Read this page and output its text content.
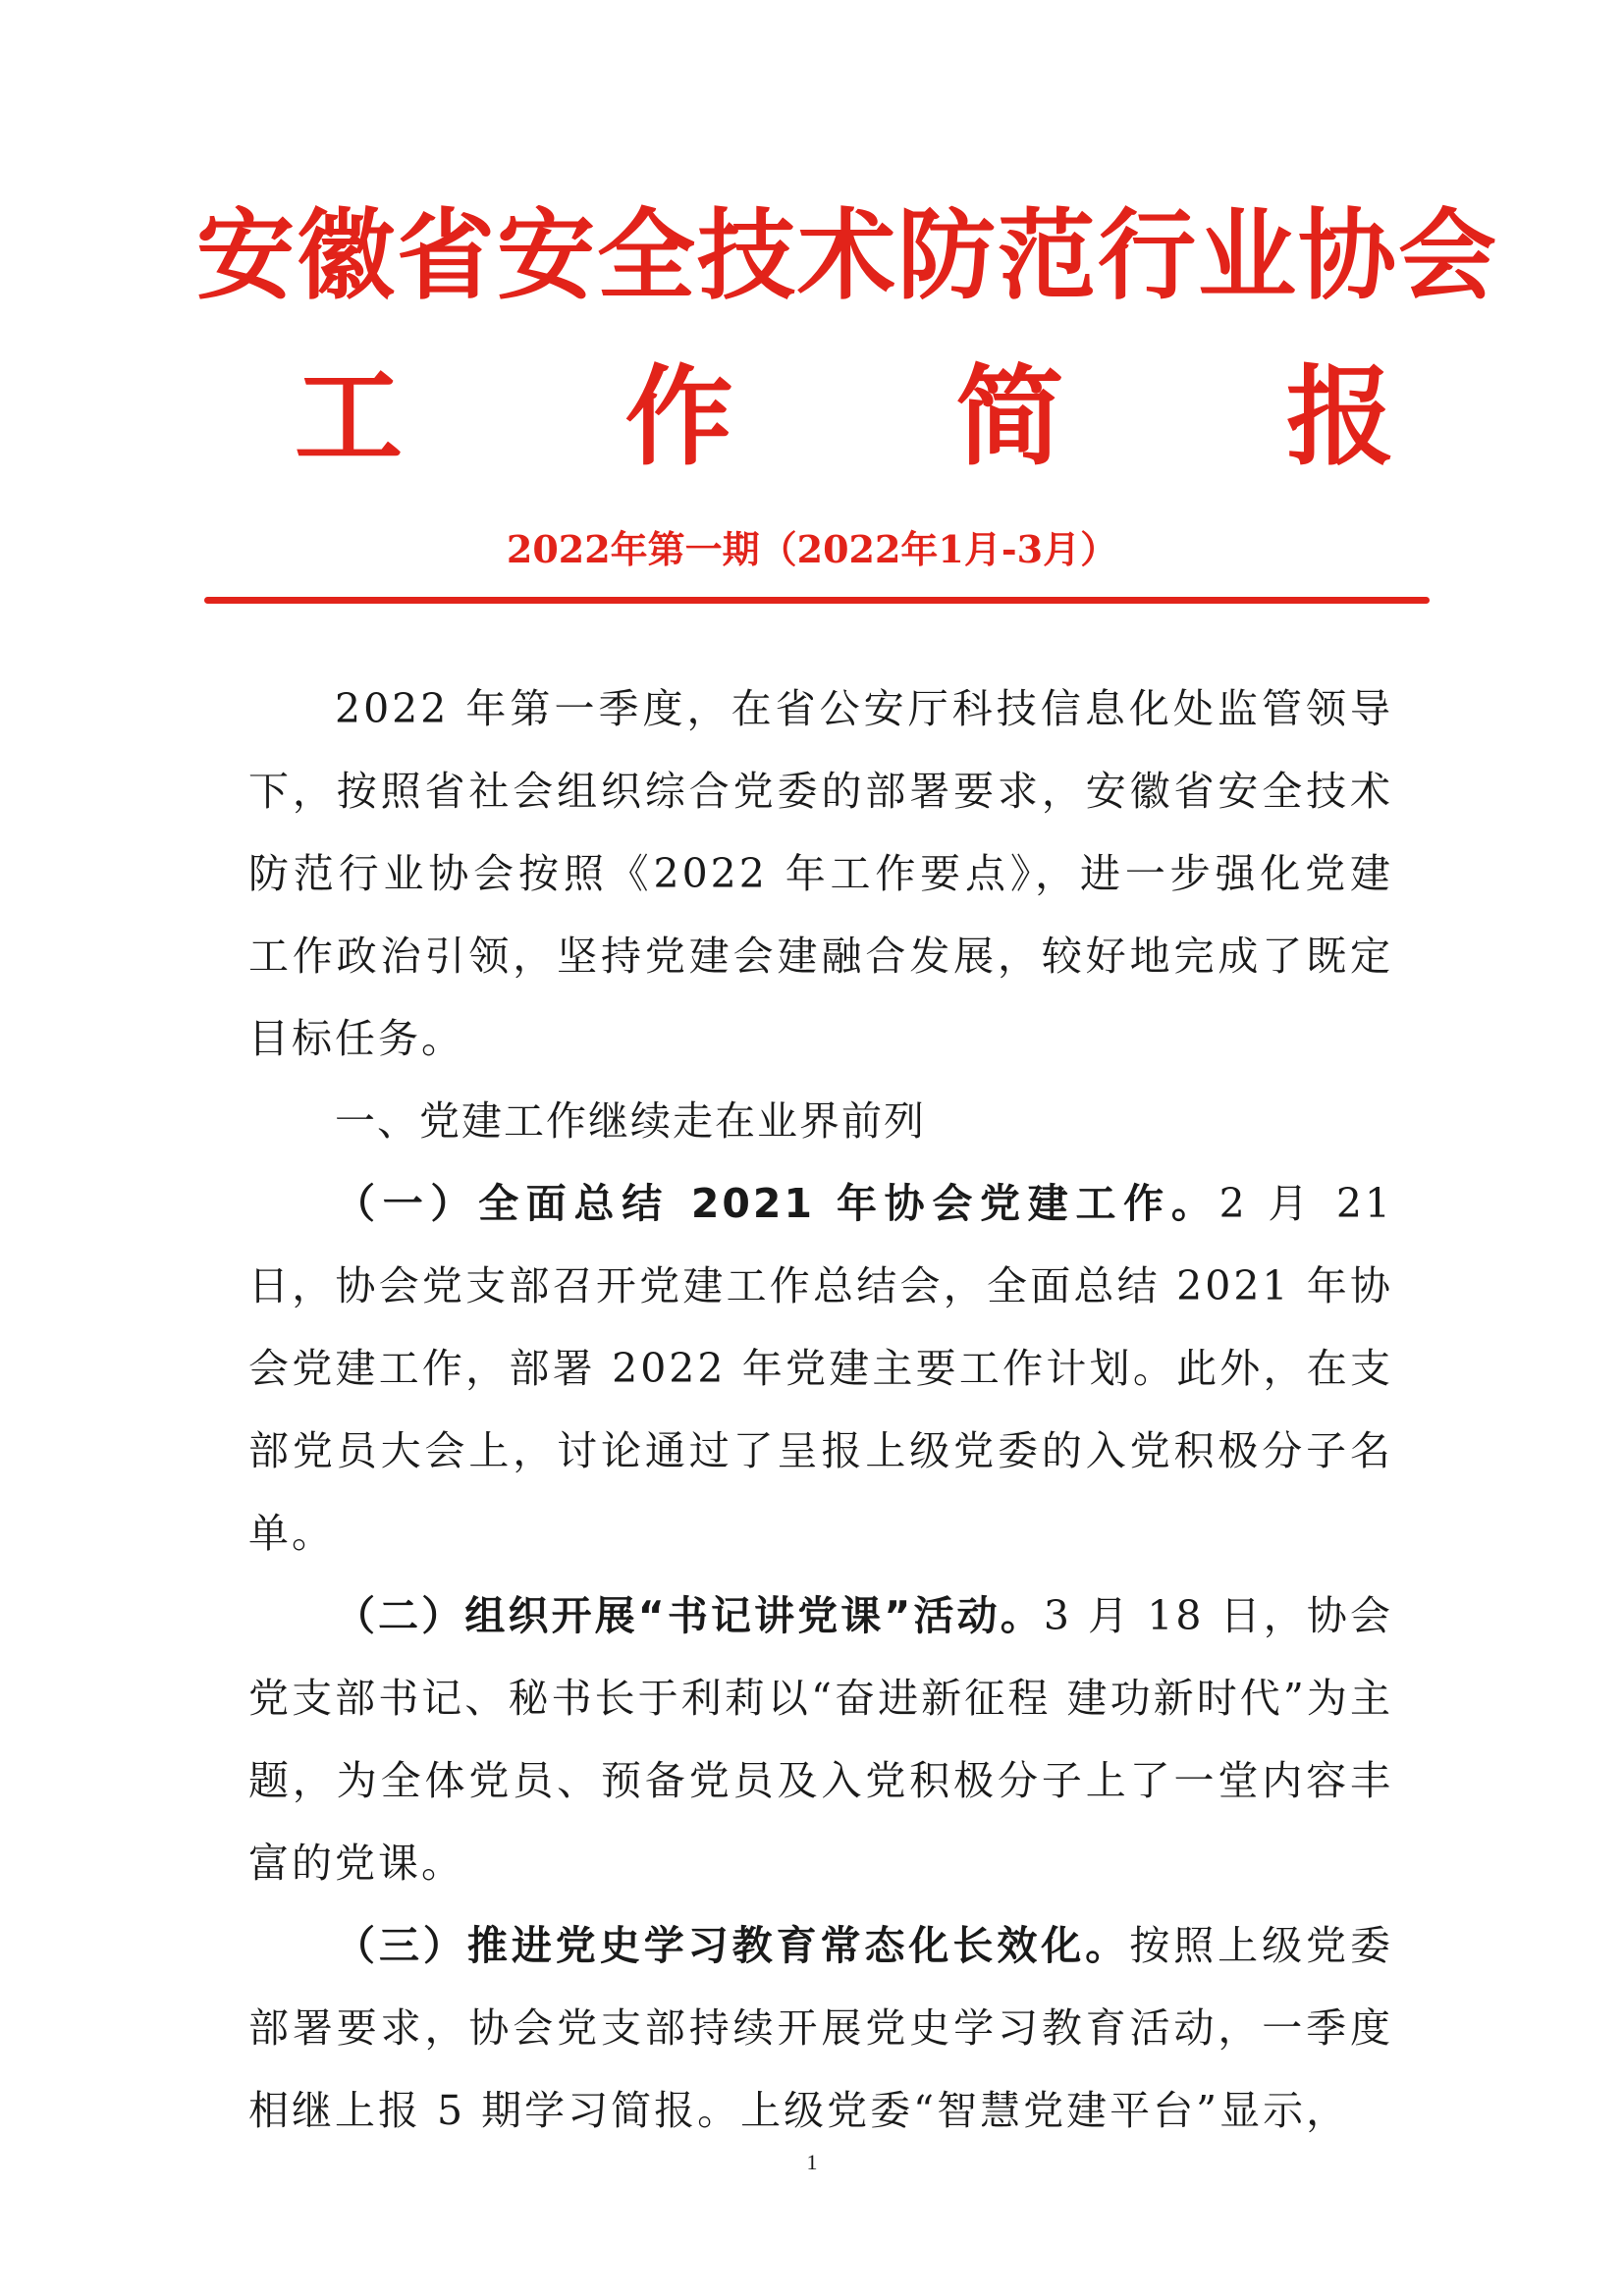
安徽省安全技术防范行业协会
工 作 简 报
2022年第一期（2022年1月-3月）

2022 年第一季度，在省公安厅科技信息化处监管领导下，按照省社会组织综合党委的部署要求，安徽省安全技术防范行业协会按照《2022 年工作要点》，进一步强化党建工作政治引领，坚持党建会建融合发展，较好地完成了既定目标任务。

一、党建工作继续走在业界前列

（一）全面总结 2021 年协会党建工作。2 月 21 日，协会党支部召开党建工作总结会，全面总结 2021 年协会党建工作，部署 2022 年党建主要工作计划。此外，在支部党员大会上，讨论通过了呈报上级党委的入党积极分子名单。

（二）组织开展“书记讲党课”活动。3 月 18 日，协会党支部书记、秘书长于利莉以“奋进新征程 建功新时代”为主题，为全体党员、预备党员及入党积极分子上了一堂内容丰富的党课。

（三）推进党史学习教育常态化长效化。按照上级党委部署要求，协会党支部持续开展党史学习教育活动，一季度相继上报 5 期学习简报。上级党委“智慧党建平台”显示，

1
